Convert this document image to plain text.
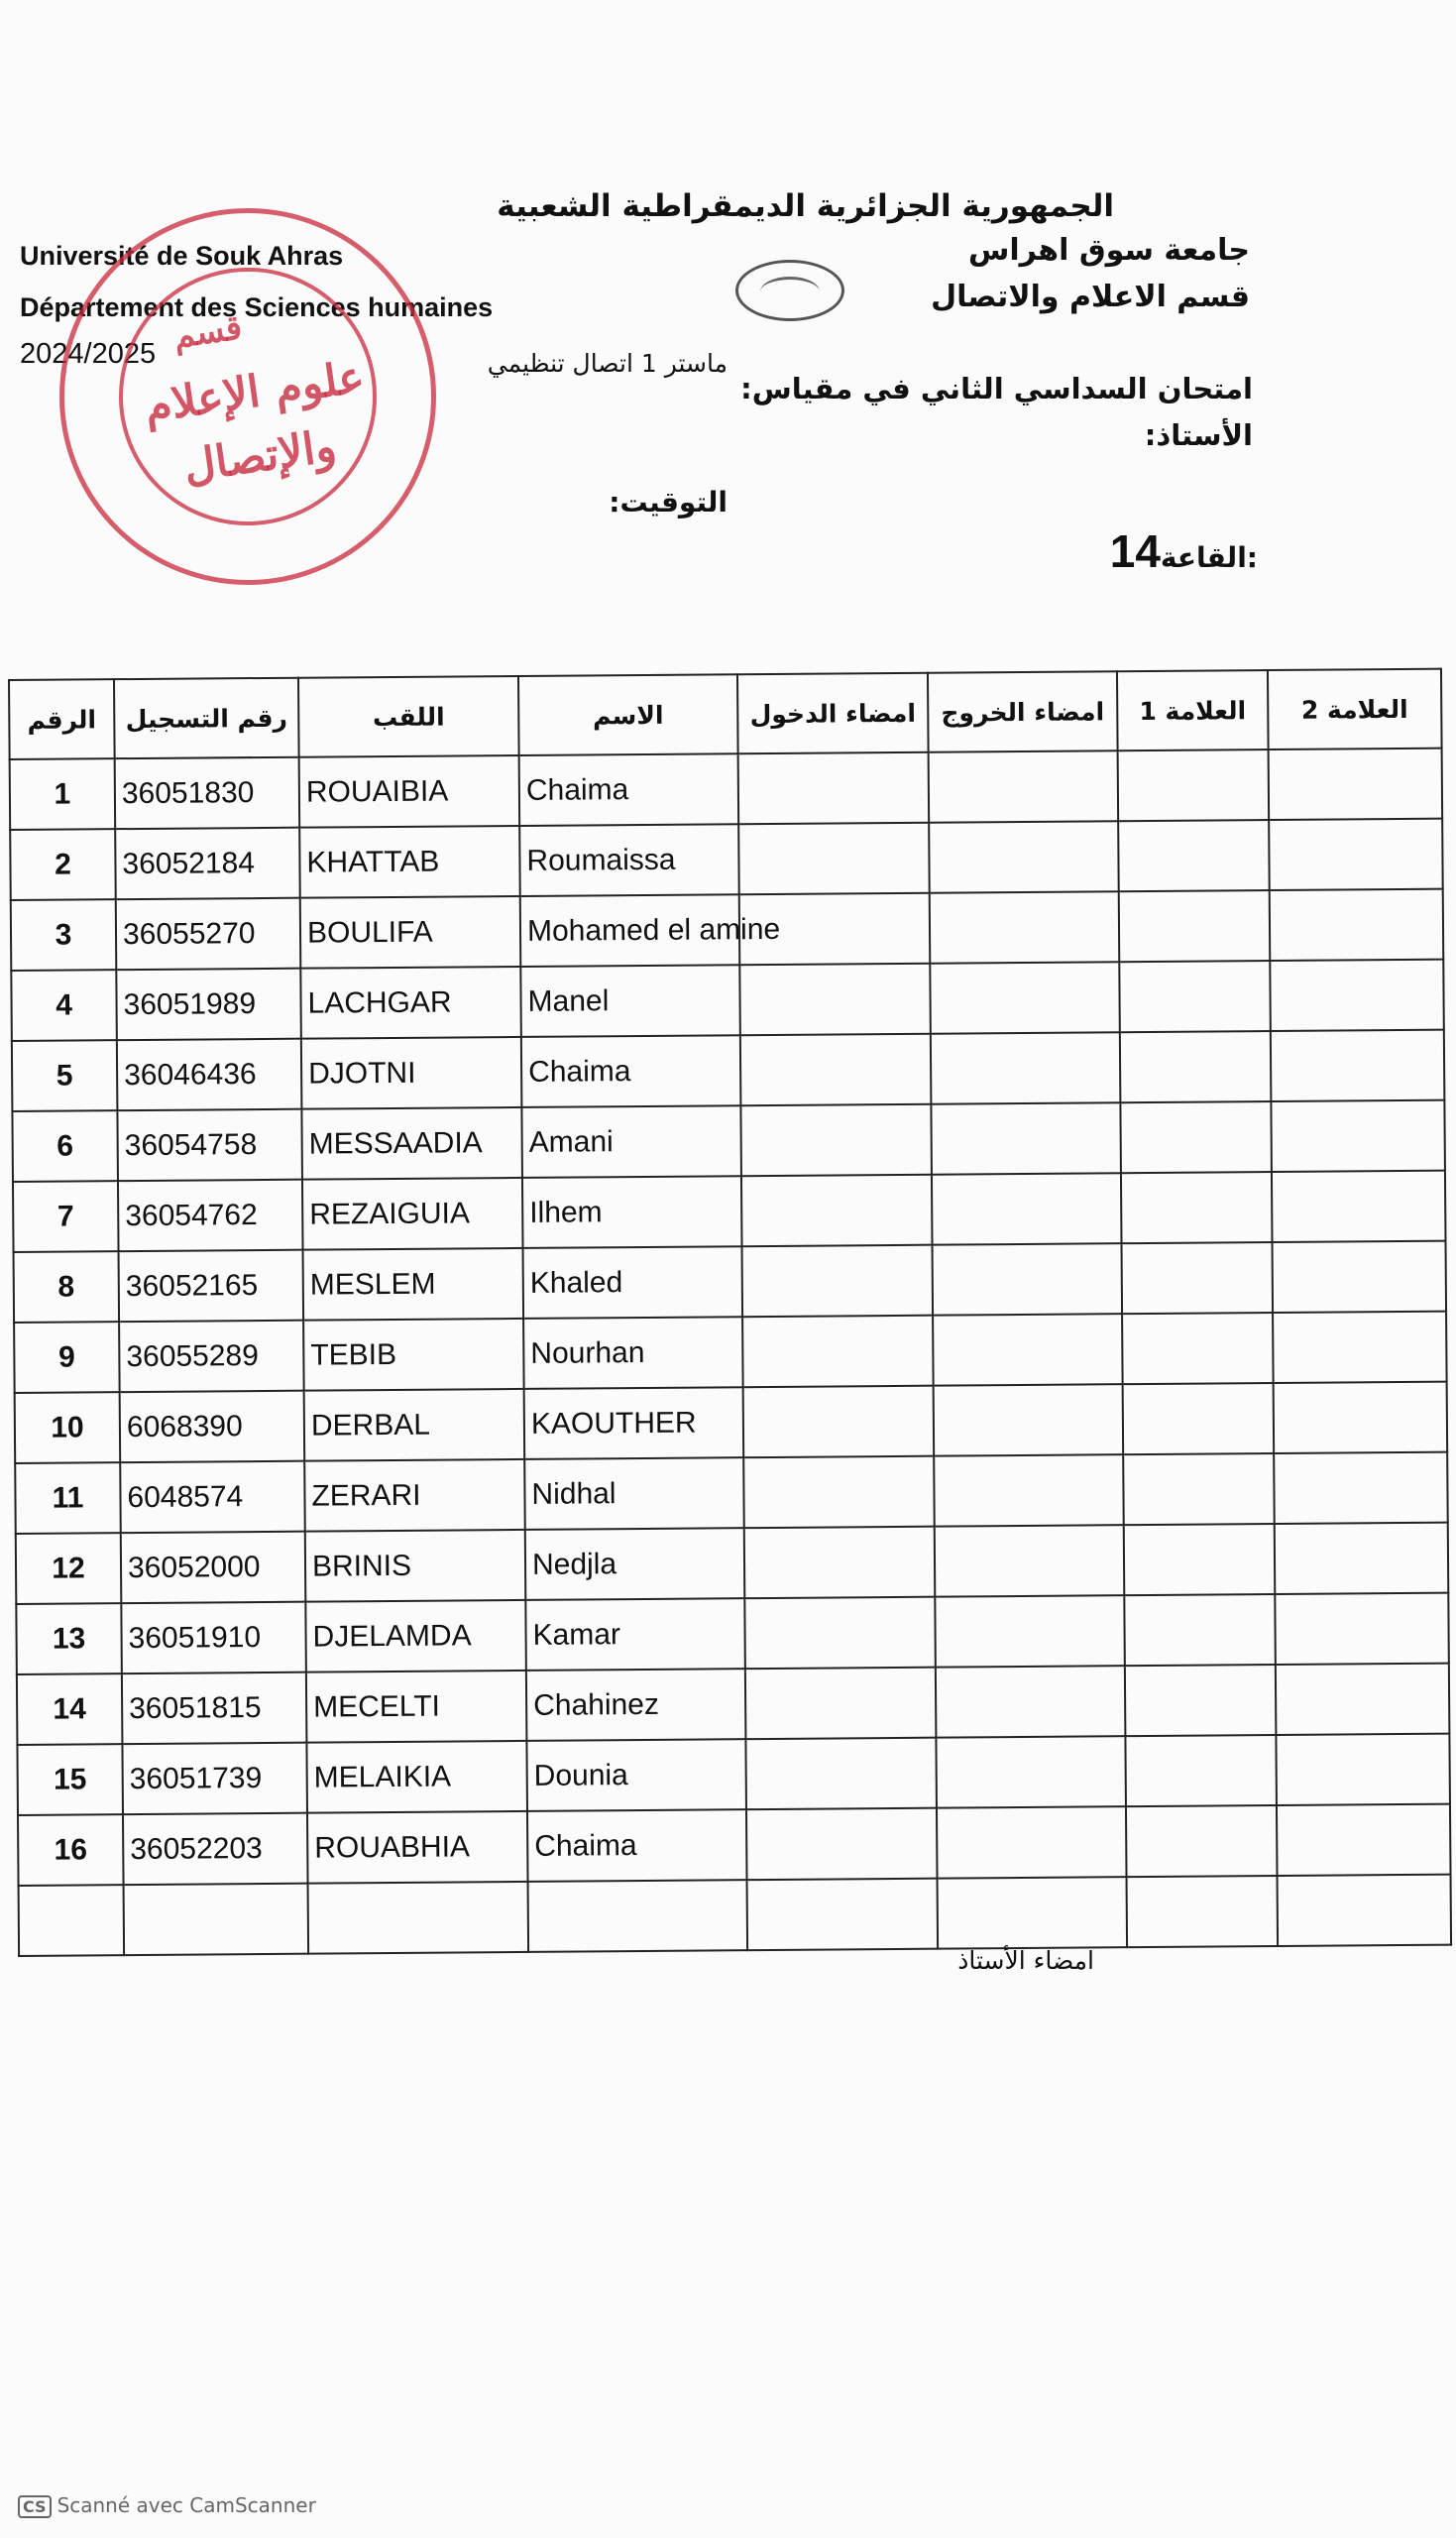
Université de Souk Ahras
Département des Sciences humaines
2024/2025
الجمهورية الجزائرية الديمقراطية الشعبية
جامعة سوق اهراس
قسم الاعلام والاتصال
ماستر 1 اتصال تنظيمي
امتحان السداسي الثاني في مقياس:
الأستاذ:
التوقيت:
14القاعة:
قسم
علوم الإعلام
والإتصال
الرقم	رقم التسجيل	اللقب	الاسم	امضاء الدخول	امضاء الخروج	العلامة 1	العلامة 2
1	36051830	ROUAIBIA	Chaima				
2	36052184	KHATTAB	Roumaissa				
3	36055270	BOULIFA	Mohamed el amine				
4	36051989	LACHGAR	Manel				
5	36046436	DJOTNI	Chaima				
6	36054758	MESSAADIA	Amani				
7	36054762	REZAIGUIA	Ilhem				
8	36052165	MESLEM	Khaled				
9	36055289	TEBIB	Nourhan				
10	6068390	DERBAL	KAOUTHER				
11	6048574	ZERARI	Nidhal				
12	36052000	BRINIS	Nedjla				
13	36051910	DJELAMDA	Kamar				
14	36051815	MECELTI	Chahinez				
15	36051739	MELAIKIA	Dounia				
16	36052203	ROUABHIA	Chaima				

امضاء الأستاذ
CS Scanné avec CamScanner
